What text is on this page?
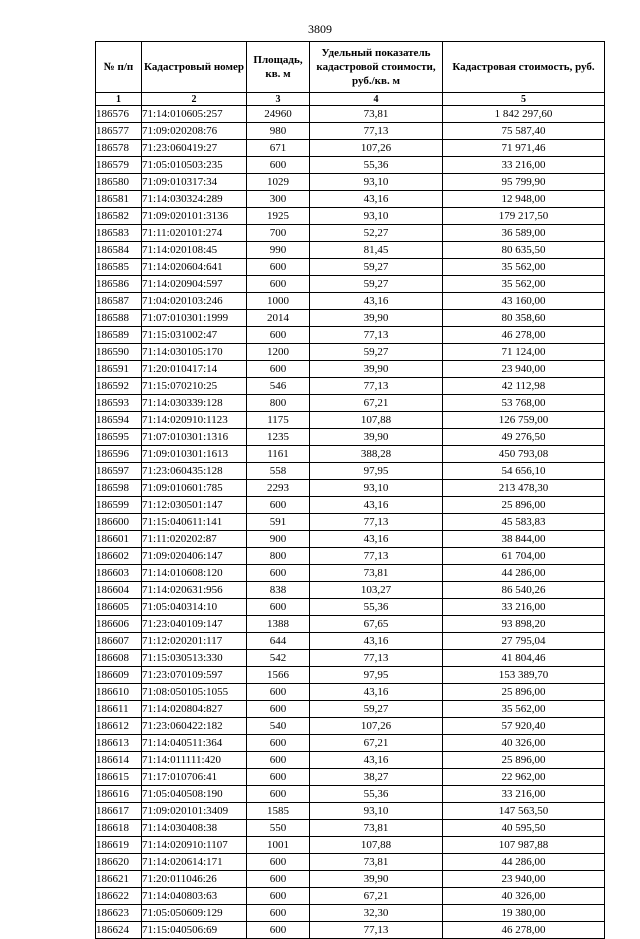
3809
№ п/п	Кадастровый номер	Площадь, кв. м	Удельный показатель кадастровой стоимости, руб./кв. м	Кадастровая стоимость, руб.
1	2	3	4	5
186576	71:14:010605:257	24960	73,81	1 842 297,60
186577	71:09:020208:76	980	77,13	75 587,40
186578	71:23:060419:27	671	107,26	71 971,46
186579	71:05:010503:235	600	55,36	33 216,00
186580	71:09:010317:34	1029	93,10	95 799,90
186581	71:14:030324:289	300	43,16	12 948,00
186582	71:09:020101:3136	1925	93,10	179 217,50
186583	71:11:020101:274	700	52,27	36 589,00
186584	71:14:020108:45	990	81,45	80 635,50
186585	71:14:020604:641	600	59,27	35 562,00
186586	71:14:020904:597	600	59,27	35 562,00
186587	71:04:020103:246	1000	43,16	43 160,00
186588	71:07:010301:1999	2014	39,90	80 358,60
186589	71:15:031002:47	600	77,13	46 278,00
186590	71:14:030105:170	1200	59,27	71 124,00
186591	71:20:010417:14	600	39,90	23 940,00
186592	71:15:070210:25	546	77,13	42 112,98
186593	71:14:030339:128	800	67,21	53 768,00
186594	71:14:020910:1123	1175	107,88	126 759,00
186595	71:07:010301:1316	1235	39,90	49 276,50
186596	71:09:010301:1613	1161	388,28	450 793,08
186597	71:23:060435:128	558	97,95	54 656,10
186598	71:09:010601:785	2293	93,10	213 478,30
186599	71:12:030501:147	600	43,16	25 896,00
186600	71:15:040611:141	591	77,13	45 583,83
186601	71:11:020202:87	900	43,16	38 844,00
186602	71:09:020406:147	800	77,13	61 704,00
186603	71:14:010608:120	600	73,81	44 286,00
186604	71:14:020631:956	838	103,27	86 540,26
186605	71:05:040314:10	600	55,36	33 216,00
186606	71:23:040109:147	1388	67,65	93 898,20
186607	71:12:020201:117	644	43,16	27 795,04
186608	71:15:030513:330	542	77,13	41 804,46
186609	71:23:070109:597	1566	97,95	153 389,70
186610	71:08:050105:1055	600	43,16	25 896,00
186611	71:14:020804:827	600	59,27	35 562,00
186612	71:23:060422:182	540	107,26	57 920,40
186613	71:14:040511:364	600	67,21	40 326,00
186614	71:14:011111:420	600	43,16	25 896,00
186615	71:17:010706:41	600	38,27	22 962,00
186616	71:05:040508:190	600	55,36	33 216,00
186617	71:09:020101:3409	1585	93,10	147 563,50
186618	71:14:030408:38	550	73,81	40 595,50
186619	71:14:020910:1107	1001	107,88	107 987,88
186620	71:14:020614:171	600	73,81	44 286,00
186621	71:20:011046:26	600	39,90	23 940,00
186622	71:14:040803:63	600	67,21	40 326,00
186623	71:05:050609:129	600	32,30	19 380,00
186624	71:15:040506:69	600	77,13	46 278,00
